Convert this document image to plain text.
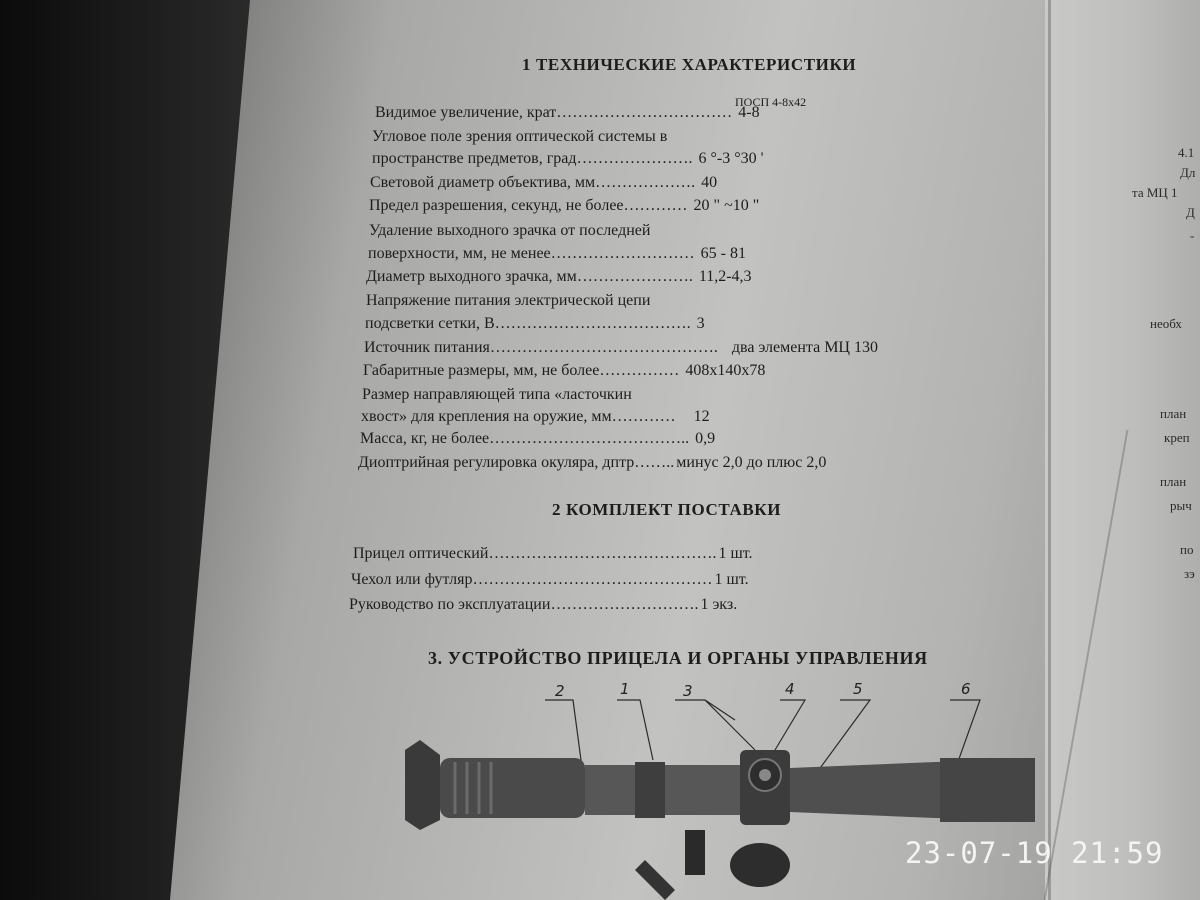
1 ТЕХНИЧЕСКИЕ ХАРАКТЕРИСТИКИ
ПОСП 4-8х42
Видимое увеличение, крат…………………………… 4-8
Угловое поле зрения оптической системы в
пространстве предметов, град…………………. 6 °-3 °30 '
Световой диаметр объектива, мм………………. 40
Предел разрешения, секунд, не более………… 20 " ~10 "
Удаление выходного зрачка от последней
поверхности, мм, не менее……………………… 65 - 81
Диаметр выходного зрачка, мм…………………. 11,2-4,3
Напряжение питания электрической цепи
подсветки сетки, В………………………………. 3
Источник питания……………………………………. два элемента МЦ 130
Габаритные размеры, мм, не более…………… 408х140х78
Размер направляющей типа «ласточкин
хвост» для крепления на оружие, мм………… 12
Масса, кг, не более……………………………….. 0,9
Диоптрийная регулировка окуляра, дптр…….. минус 2,0 до плюс 2,0
2 КОМПЛЕКТ ПОСТАВКИ
Прицел оптический……………………………………. 1 шт.
Чехол или футляр……………………………………… 1 шт.
Руководство по эксплуатации………………………. 1 экз.
3. УСТРОЙСТВО ПРИЦЕЛА И ОРГАНЫ УПРАВЛЕНИЯ
2	1	3	4	5	6
4.1
Дл
та МЦ 1
Д
-
необх
план
креп
план
рыч
по
зэ
23-07-19 21:59
